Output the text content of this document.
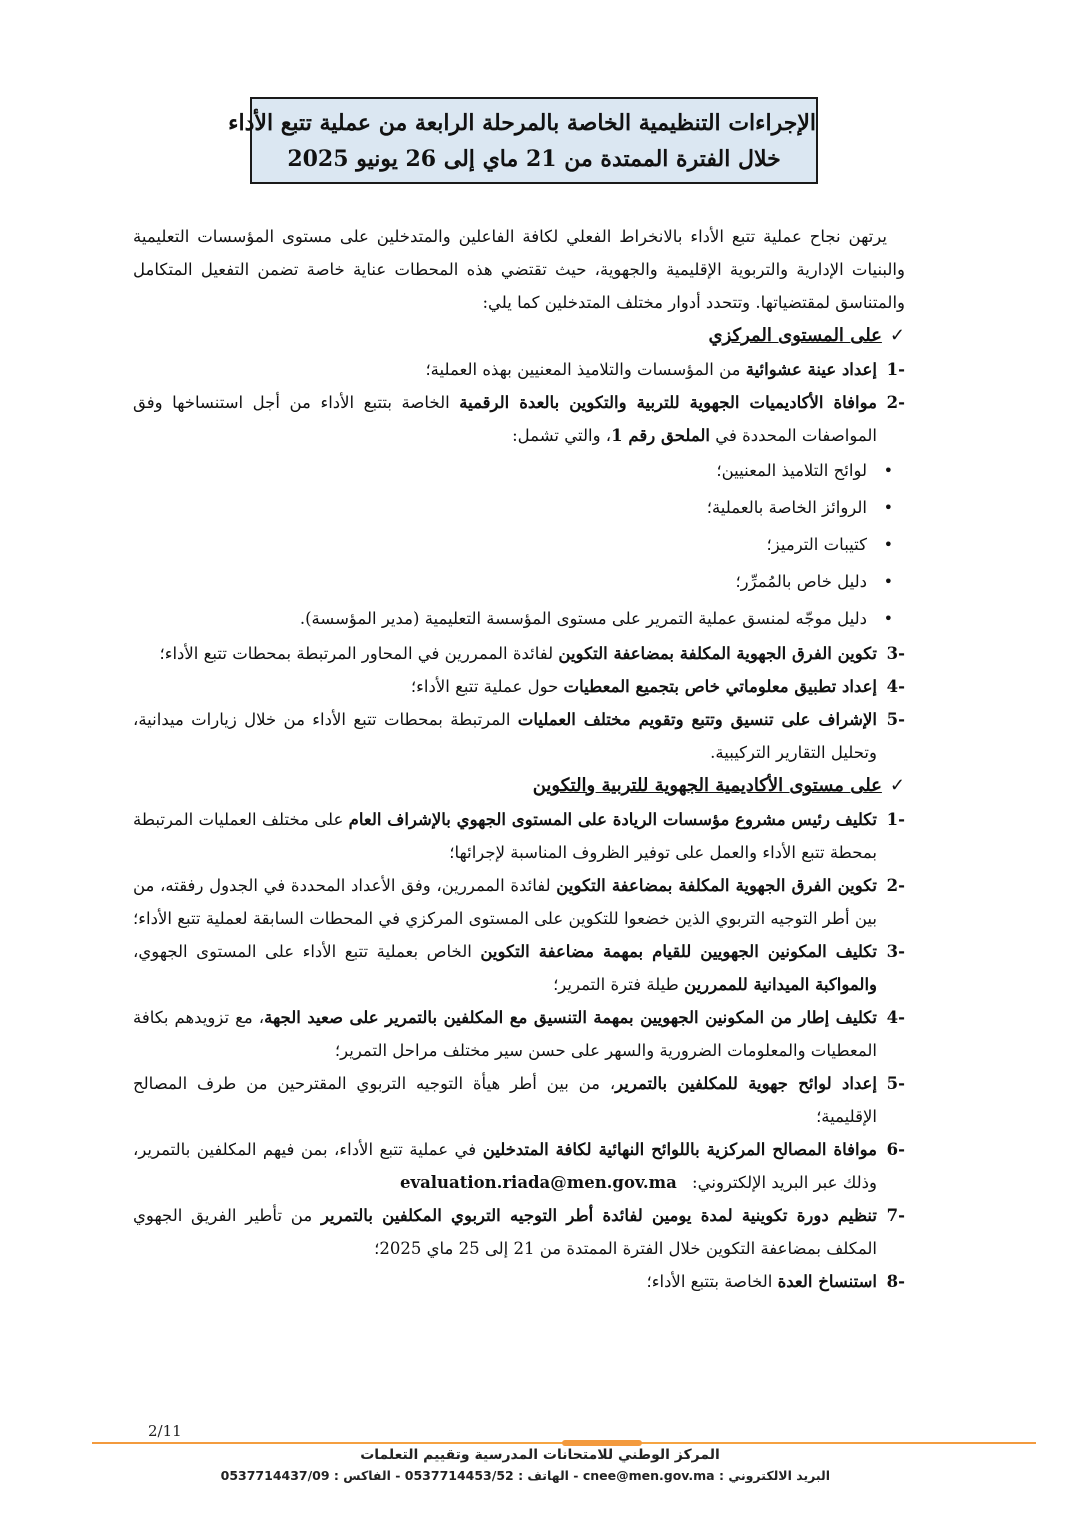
الإجراءات التنظيمية الخاصة بالمرحلة الرابعة من عملية تتبع الأداء
خلال الفترة الممتدة من 21 ماي إلى 26 يونيو 2025

يرتهن نجاح عملية تتبع الأداء بالانخراط الفعلي لكافة الفاعلين والمتدخلين على مستوى المؤسسات التعليمية والبنيات الإدارية والتربوية الإقليمية والجهوية، حيث تقتضي هذه المحطات عناية خاصة تضمن التفعيل المتكامل والمتناسق لمقتضياتها. وتتحدد أدوار مختلف المتدخلين كما يلي:

✓على المستوى المركزي

1-
إعداد عينة عشوائية من المؤسسات والتلاميذ المعنيين بهذه العملية؛

2-
موافاة الأكاديميات الجهوية للتربية والتكوين بالعدة الرقمية الخاصة بتتبع الأداء من أجل استنساخها وفق المواصفات المحددة في الملحق رقم 1، والتي تشمل:

• لوائح التلاميذ المعنيين؛
• الروائز الخاصة بالعملية؛
• كتيبات الترميز؛
• دليل خاص بالمُمرِّر؛
• دليل موجّه لمنسق عملية التمرير على مستوى المؤسسة التعليمية (مدير المؤسسة).

3-
تكوين الفرق الجهوية المكلفة بمضاعفة التكوين لفائدة الممررين في المحاور المرتبطة بمحطات تتبع الأداء؛

4-
إعداد تطبيق معلوماتي خاص بتجميع المعطيات حول عملية تتبع الأداء؛

5-
الإشراف على تنسيق وتتبع وتقويم مختلف العمليات المرتبطة بمحطات تتبع الأداء من خلال زيارات ميدانية، وتحليل التقارير التركيبية.

✓على مستوى الأكاديمية الجهوية للتربية والتكوين

1-
تكليف رئيس مشروع مؤسسات الريادة على المستوى الجهوي بالإشراف العام على مختلف العمليات المرتبطة بمحطة تتبع الأداء والعمل على توفير الظروف المناسبة لإجرائها؛

2-
تكوين الفرق الجهوية المكلفة بمضاعفة التكوين لفائدة الممررين، وفق الأعداد المحددة في الجدول رفقته، من بين أطر التوجيه التربوي الذين خضعوا للتكوين على المستوى المركزي في المحطات السابقة لعملية تتبع الأداء؛

3-
تكليف المكونين الجهويين للقيام بمهمة مضاعفة التكوين الخاص بعملية تتبع الأداء على المستوى الجهوي، والمواكبة الميدانية للممررين طيلة فترة التمرير؛

4-
تكليف إطار من المكونين الجهويين بمهمة التنسيق مع المكلفين بالتمرير على صعيد الجهة، مع تزويدهم بكافة المعطيات والمعلومات الضرورية والسهر على حسن سير مختلف مراحل التمرير؛

5-
إعداد لوائح جهوية للمكلفين بالتمرير، من بين أطر هيأة التوجيه التربوي المقترحين من طرف المصالح الإقليمية؛

6-
موافاة المصالح المركزية باللوائح النهائية لكافة المتدخلين في عملية تتبع الأداء، بمن فيهم المكلفين بالتمرير، وذلك عبر البريد الإلكتروني: evaluation.riada@men.gov.ma

7-
تنظيم دورة تكوينية لمدة يومين لفائدة أطر التوجيه التربوي المكلفين بالتمرير من تأطير الفريق الجهوي المكلف بمضاعفة التكوين خلال الفترة الممتدة من 21 إلى 25 ماي 2025؛

8-
استنساخ العدة الخاصة بتتبع الأداء؛

2/11
المركز الوطني للامتحانات المدرسية وتقييم التعلمات
البريد الالكتروني : cnee@men.gov.ma - الهاتف : 0537714453/52 - الفاكس : 0537714437/09
